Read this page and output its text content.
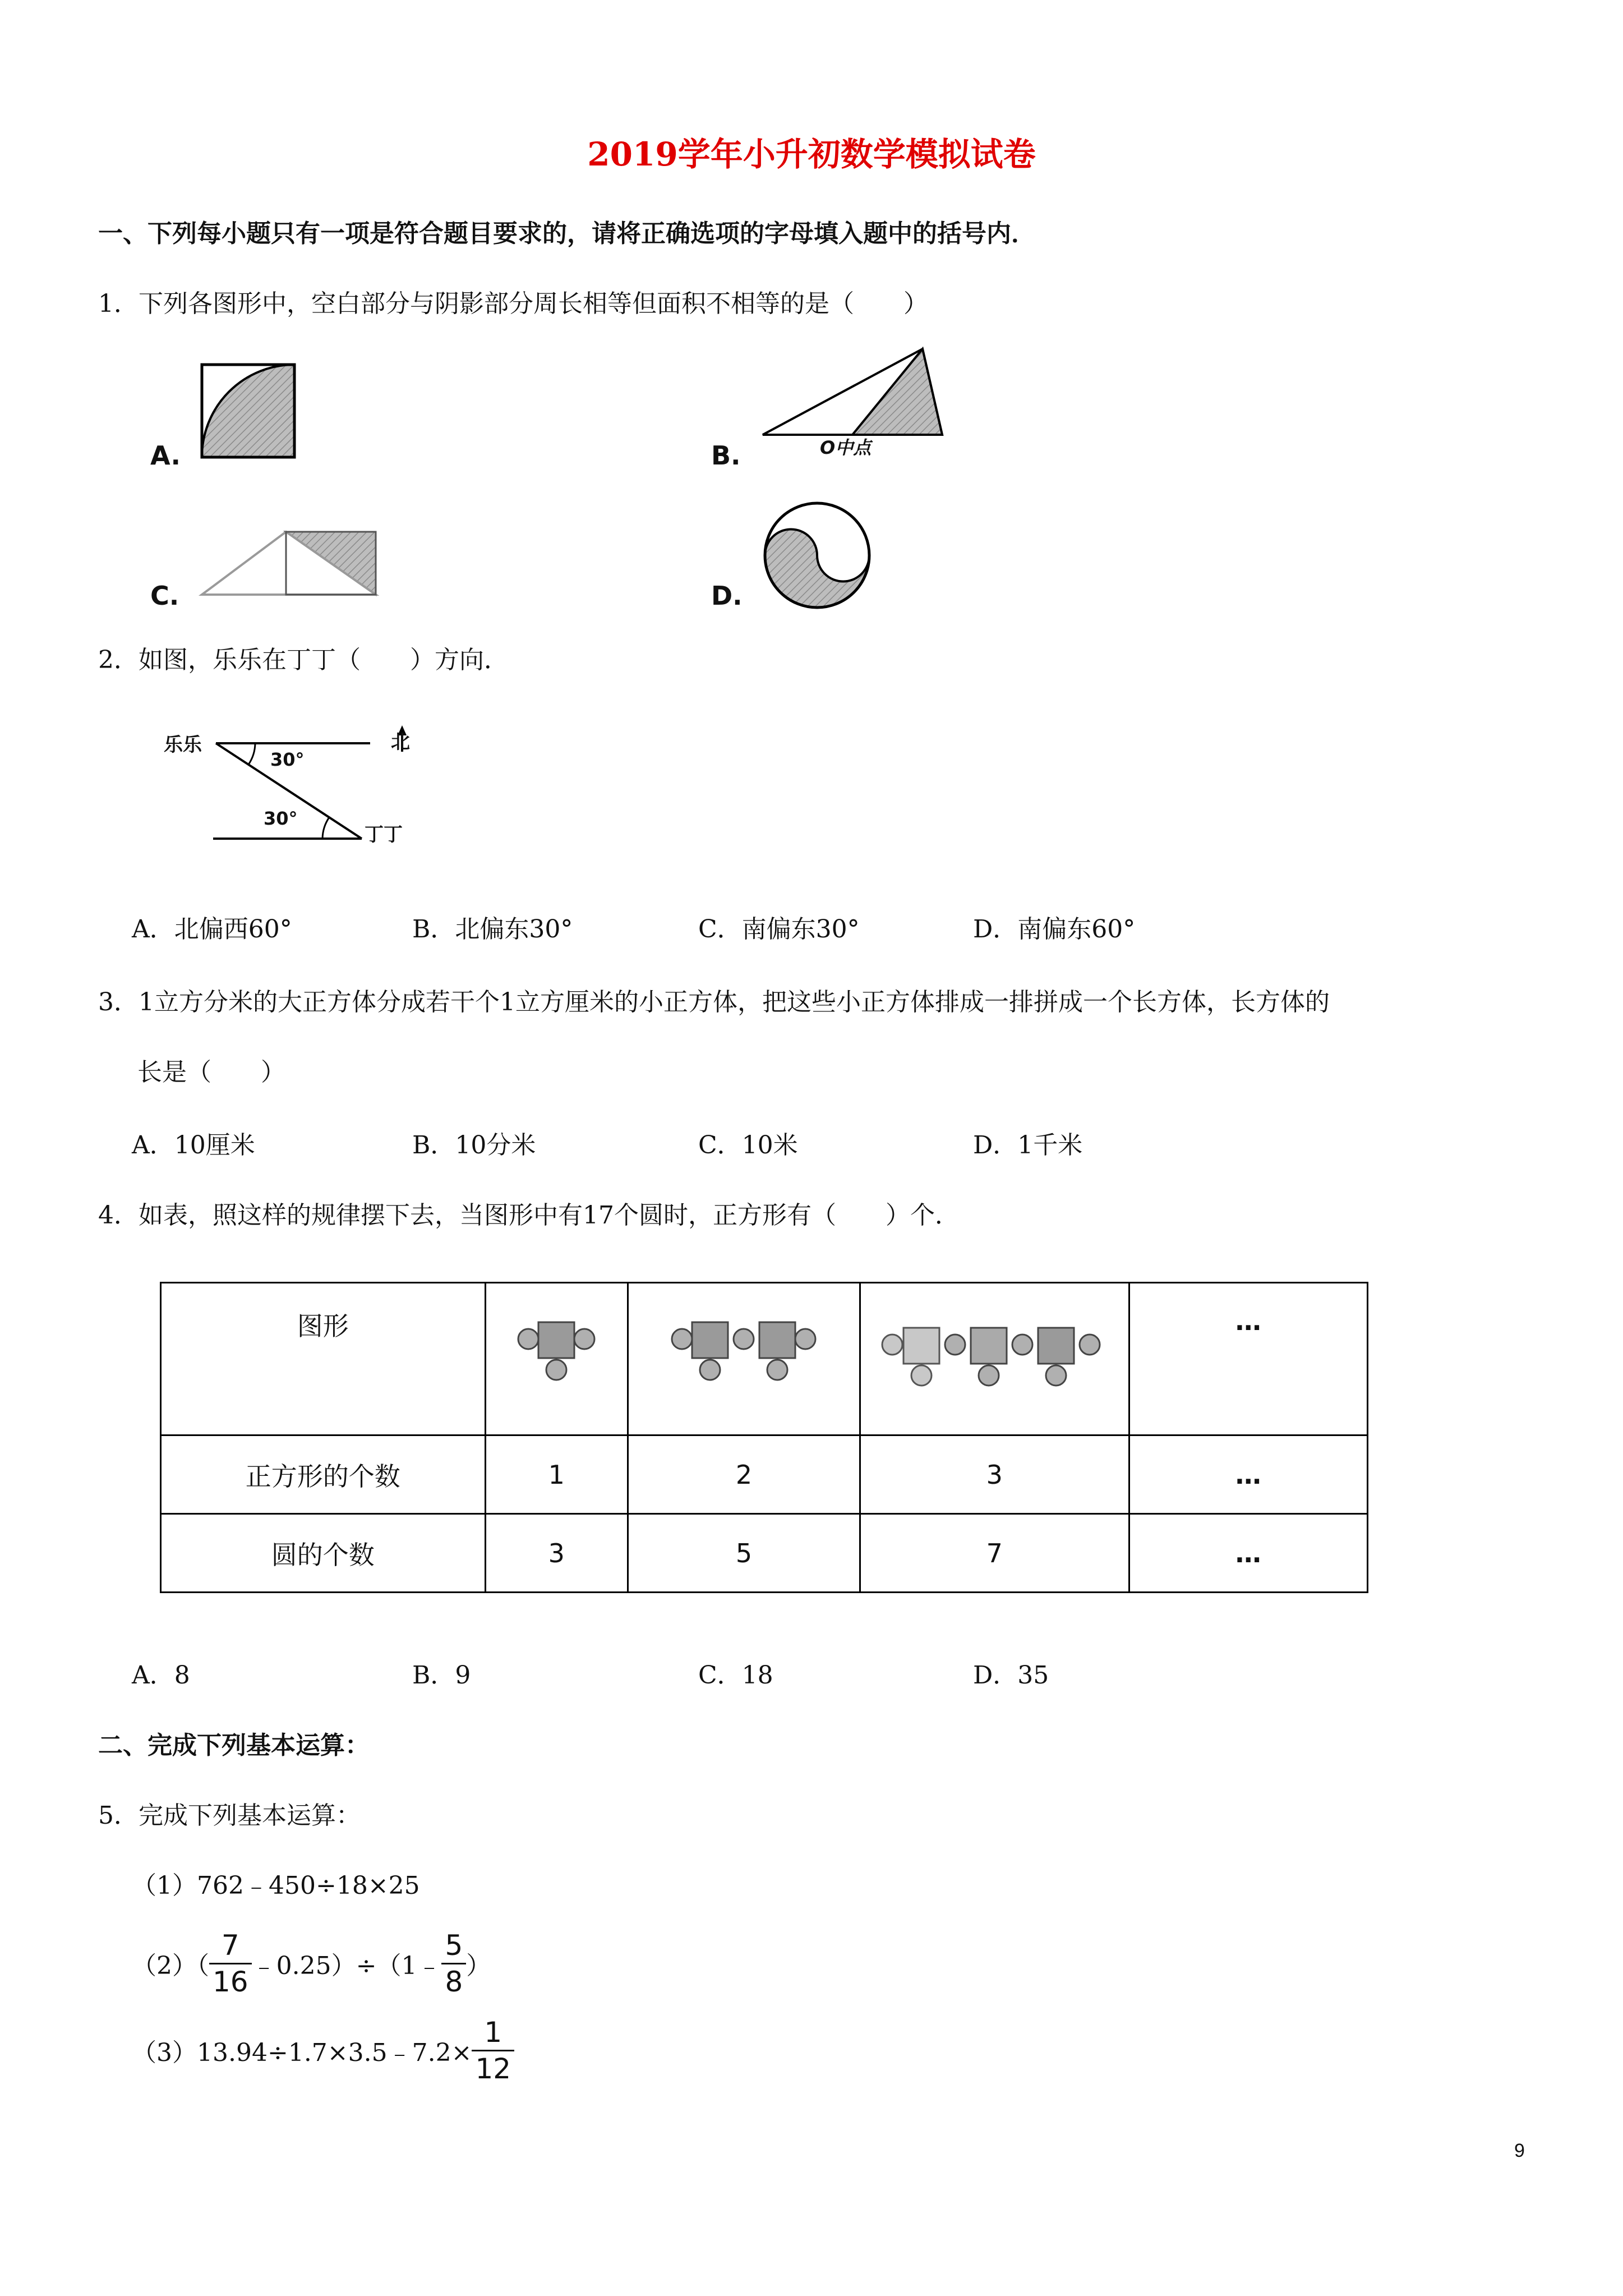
2019学年小升初数学模拟试卷
一、下列每小题只有一项是符合题目要求的，请将正确选项的字母填入题中的括号内．
1．下列各图形中，空白部分与阴影部分周长相等但面积不相等的是（　　）
A.	B.	O中点
C.	D.
2．如图，乐乐在丁丁（　　）方向．
乐乐
丁丁
北
30°
30°
A．北偏西60°	B．北偏东30°	C．南偏东30°	D．南偏东60°
3．1立方分米的大正方体分成若干个1立方厘米的小正方体，把这些小正方体排成一排拼成一个长方体，长方体的
长是（　　）
A．10厘米	B．10分米	C．10米	D．1千米
4．如表，照这样的规律摆下去，当图形中有17个圆时，正方形有（　　）个．
图形				…
正方形的个数	1	2	3	…
圆的个数	3	5	7	…
A．8	B．9	C．18	D．35
二、完成下列基本运算：
5．完成下列基本运算：
（1）762﹣450÷18×25
$(2)( \frac{7}{16}$ ﹣0.25）÷（1﹣ $\frac{5}{8}$ ）
（3）13.94÷1.7×3.5﹣7.2× $\frac{1}{12}$
9
